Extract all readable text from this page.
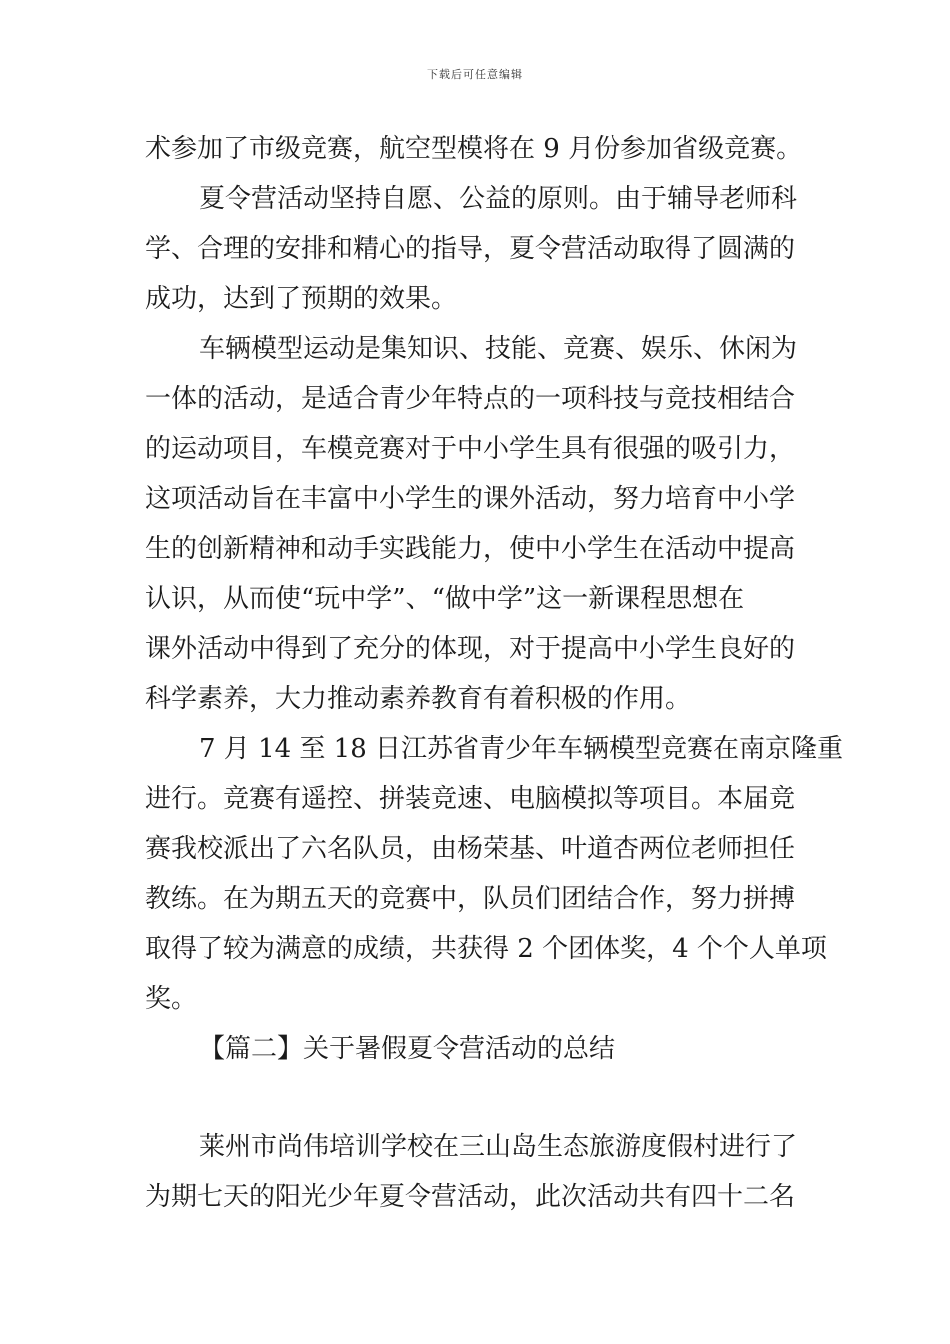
下载后可任意编辑
术参加了市级竞赛，航空型模将在 9 月份参加省级竞赛。
夏令营活动坚持自愿、公益的原则。由于辅导老师科
学、合理的安排和精心的指导，夏令营活动取得了圆满的
成功，达到了预期的效果。
车辆模型运动是集知识、技能、竞赛、娱乐、休闲为
一体的活动，是适合青少年特点的一项科技与竞技相结合
的运动项目，车模竞赛对于中小学生具有很强的吸引力，
这项活动旨在丰富中小学生的课外活动，努力培育中小学
生的创新精神和动手实践能力，使中小学生在活动中提高
认识，从而使“玩中学”、“做中学”这一新课程思想在
课外活动中得到了充分的体现，对于提高中小学生良好的
科学素养，大力推动素养教育有着积极的作用。
7 月 14 至 18 日江苏省青少年车辆模型竞赛在南京隆重
进行。竞赛有遥控、拼装竞速、电脑模拟等项目。本届竞
赛我校派出了六名队员，由杨荣基、叶道杏两位老师担任
教练。在为期五天的竞赛中，队员们团结合作，努力拼搏
取得了较为满意的成绩，共获得 2 个团体奖，4 个个人单项
奖。
【篇二】关于暑假夏令营活动的总结
莱州市尚伟培训学校在三山岛生态旅游度假村进行了
为期七天的阳光少年夏令营活动，此次活动共有四十二名
